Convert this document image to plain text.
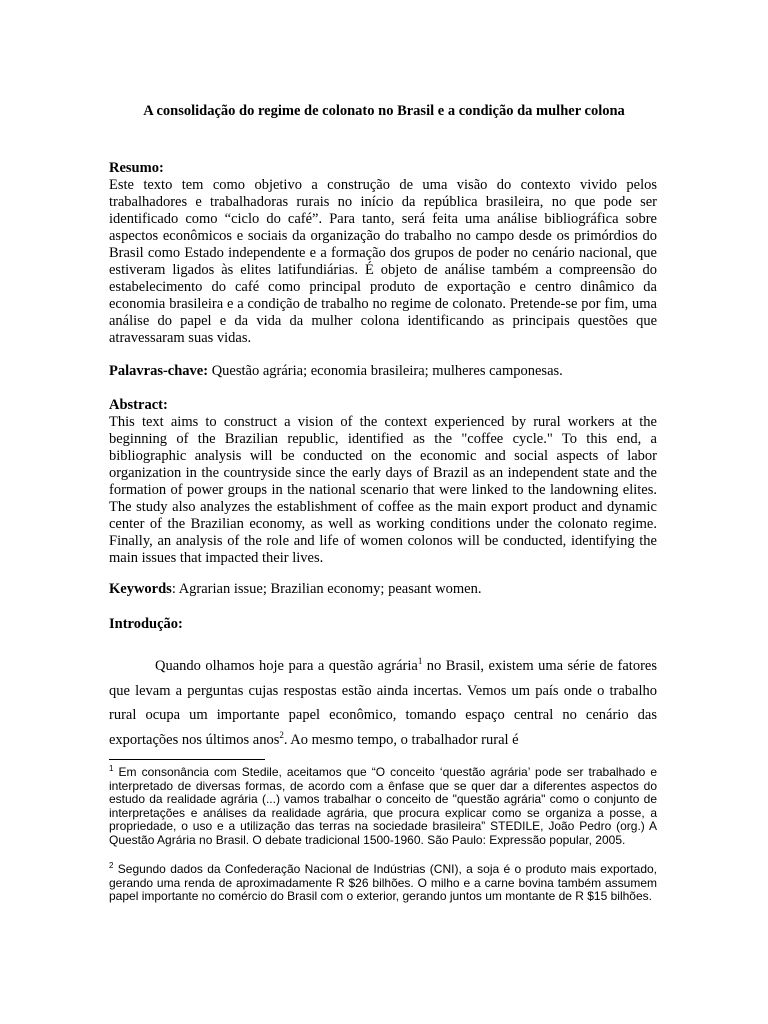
A consolidação do regime de colonato no Brasil e a condição da mulher colona
Resumo:
Este texto tem como objetivo a construção de uma visão do contexto vivido pelos trabalhadores e trabalhadoras rurais no início da república brasileira, no que pode ser identificado como “ciclo do café”. Para tanto, será feita uma análise bibliográfica sobre aspectos econômicos e sociais da organização do trabalho no campo desde os primórdios do Brasil como Estado independente e a formação dos grupos de poder no cenário nacional, que estiveram ligados às elites latifundiárias. É objeto de análise também a compreensão do estabelecimento do café como principal produto de exportação e centro dinâmico da economia brasileira e a condição de trabalho no regime de colonato. Pretende-se por fim, uma análise do papel e da vida da mulher colona identificando as principais questões que atravessaram suas vidas.
Palavras-chave: Questão agrária; economia brasileira; mulheres camponesas.
Abstract:
This text aims to construct a vision of the context experienced by rural workers at the beginning of the Brazilian republic, identified as the "coffee cycle." To this end, a bibliographic analysis will be conducted on the economic and social aspects of labor organization in the countryside since the early days of Brazil as an independent state and the formation of power groups in the national scenario that were linked to the landowning elites. The study also analyzes the establishment of coffee as the main export product and dynamic center of the Brazilian economy, as well as working conditions under the colonato regime. Finally, an analysis of the role and life of women colonos will be conducted, identifying the main issues that impacted their lives.
Keywords: Agrarian issue; Brazilian economy; peasant women.
Introdução:
Quando olhamos hoje para a questão agrária$^1$ no Brasil, existem uma série de fatores que levam a perguntas cujas respostas estão ainda incertas. Vemos um país onde o trabalho rural ocupa um importante papel econômico, tomando espaço central no cenário das exportações nos últimos anos$^2$. Ao mesmo tempo, o trabalhador rural é
$^1$ Em consonância com Stedile, aceitamos que “O conceito ‘questão agrária’ pode ser trabalhado e interpretado de diversas formas, de acordo com a ênfase que se quer dar a diferentes aspectos do estudo da realidade agrária (...) vamos trabalhar o conceito de "questão agrária" como o conjunto de interpretações e análises da realidade agrária, que procura explicar como se organiza a posse, a propriedade, o uso e a utilização das terras na sociedade brasileira” STEDILE, João Pedro (org.) A Questão Agrária no Brasil. O debate tradicional 1500-1960. São Paulo: Expressão popular, 2005.
$^2$ Segundo dados da Confederação Nacional de Indústrias (CNI), a soja é o produto mais exportado, gerando uma renda de aproximadamente R $26 bilhões. O milho e a carne bovina também assumem papel importante no comércio do Brasil com o exterior, gerando juntos um montante de R $15 bilhões.
